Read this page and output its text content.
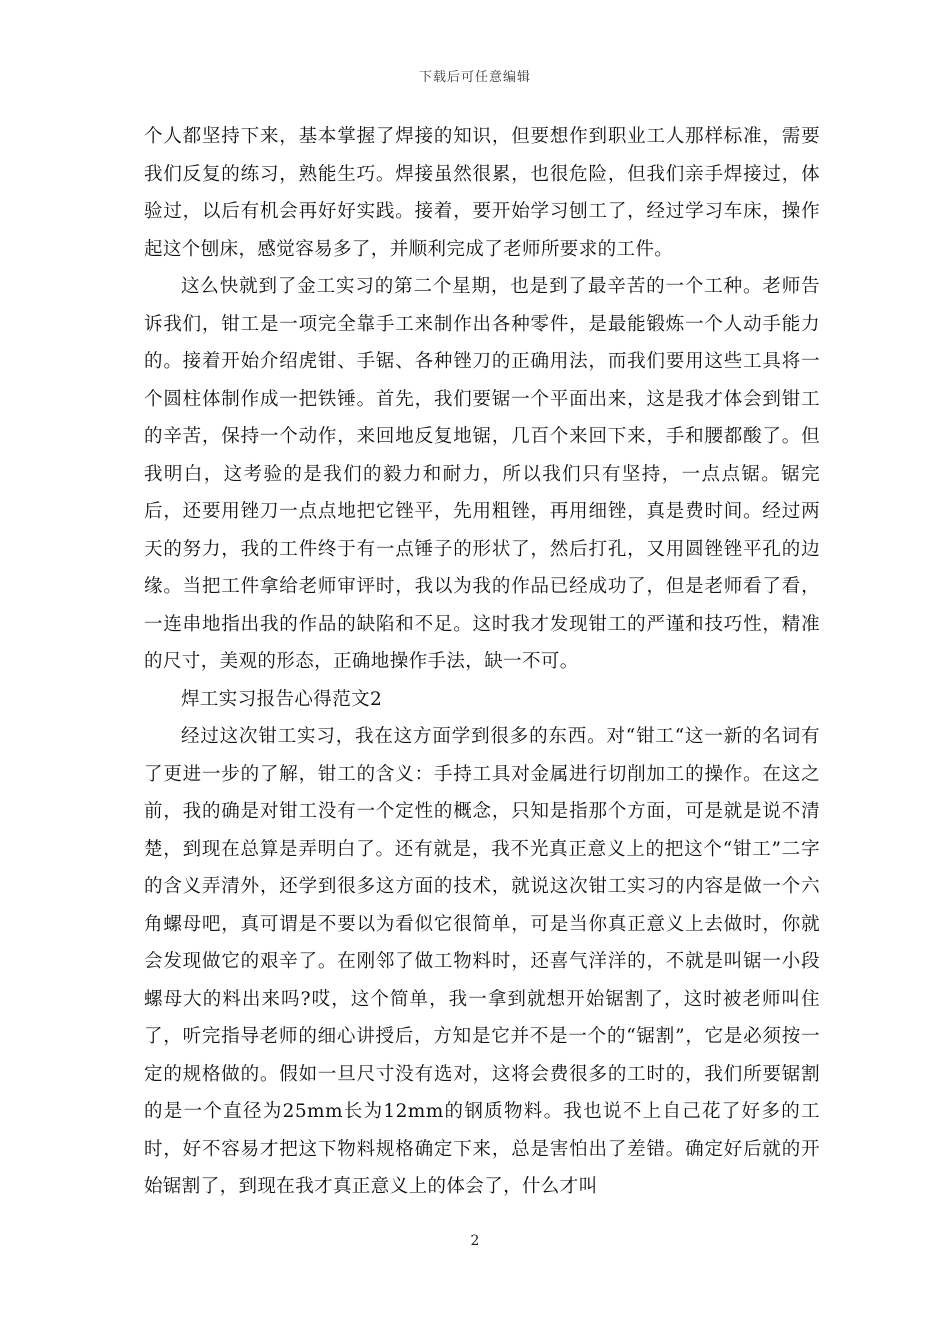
下载后可任意编辑

个人都坚持下来，基本掌握了焊接的知识，但要想作到职业工人那样标准，需要我们反复的练习，熟能生巧。焊接虽然很累，也很危险，但我们亲手焊接过，体验过，以后有机会再好好实践。接着，要开始学习刨工了，经过学习车床，操作起这个刨床，感觉容易多了，并顺利完成了老师所要求的工件。

这么快就到了金工实习的第二个星期，也是到了最辛苦的一个工种。老师告诉我们，钳工是一项完全靠手工来制作出各种零件，是最能锻炼一个人动手能力的。接着开始介绍虎钳、手锯、各种锉刀的正确用法，而我们要用这些工具将一个圆柱体制作成一把铁锤。首先，我们要锯一个平面出来，这是我才体会到钳工的辛苦，保持一个动作，来回地反复地锯，几百个来回下来，手和腰都酸了。但我明白，这考验的是我们的毅力和耐力，所以我们只有坚持，一点点锯。锯完后，还要用锉刀一点点地把它锉平，先用粗锉，再用细锉，真是费时间。经过两天的努力，我的工件终于有一点锤子的形状了，然后打孔，又用圆锉锉平孔的边缘。当把工件拿给老师审评时，我以为我的作品已经成功了，但是老师看了看，一连串地指出我的作品的缺陷和不足。这时我才发现钳工的严谨和技巧性，精准的尺寸，美观的形态，正确地操作手法，缺一不可。

焊工实习报告心得范文2

经过这次钳工实习，我在这方面学到很多的东西。对“钳工“这一新的名词有了更进一步的了解，钳工的含义：手持工具对金属进行切削加工的操作。在这之前，我的确是对钳工没有一个定性的概念，只知是指那个方面，可是就是说不清楚，到现在总算是弄明白了。还有就是，我不光真正意义上的把这个“钳工”二字的含义弄清外，还学到很多这方面的技术，就说这次钳工实习的内容是做一个六角螺母吧，真可谓是不要以为看似它很简单，可是当你真正意义上去做时，你就会发现做它的艰辛了。在刚邻了做工物料时，还喜气洋洋的，不就是叫锯一小段螺母大的料出来吗?哎，这个简单，我一拿到就想开始锯割了，这时被老师叫住了，听完指导老师的细心讲授后，方知是它并不是一个的“锯割”，它是必须按一定的规格做的。假如一旦尺寸没有选对，这将会费很多的工时的，我们所要锯割的是一个直径为25mm长为12mm的钢质物料。我也说不上自己花了好多的工时，好不容易才把这下物料规格确定下来，总是害怕出了差错。确定好后就的开始锯割了，到现在我才真正意义上的体会了，什么才叫

2
